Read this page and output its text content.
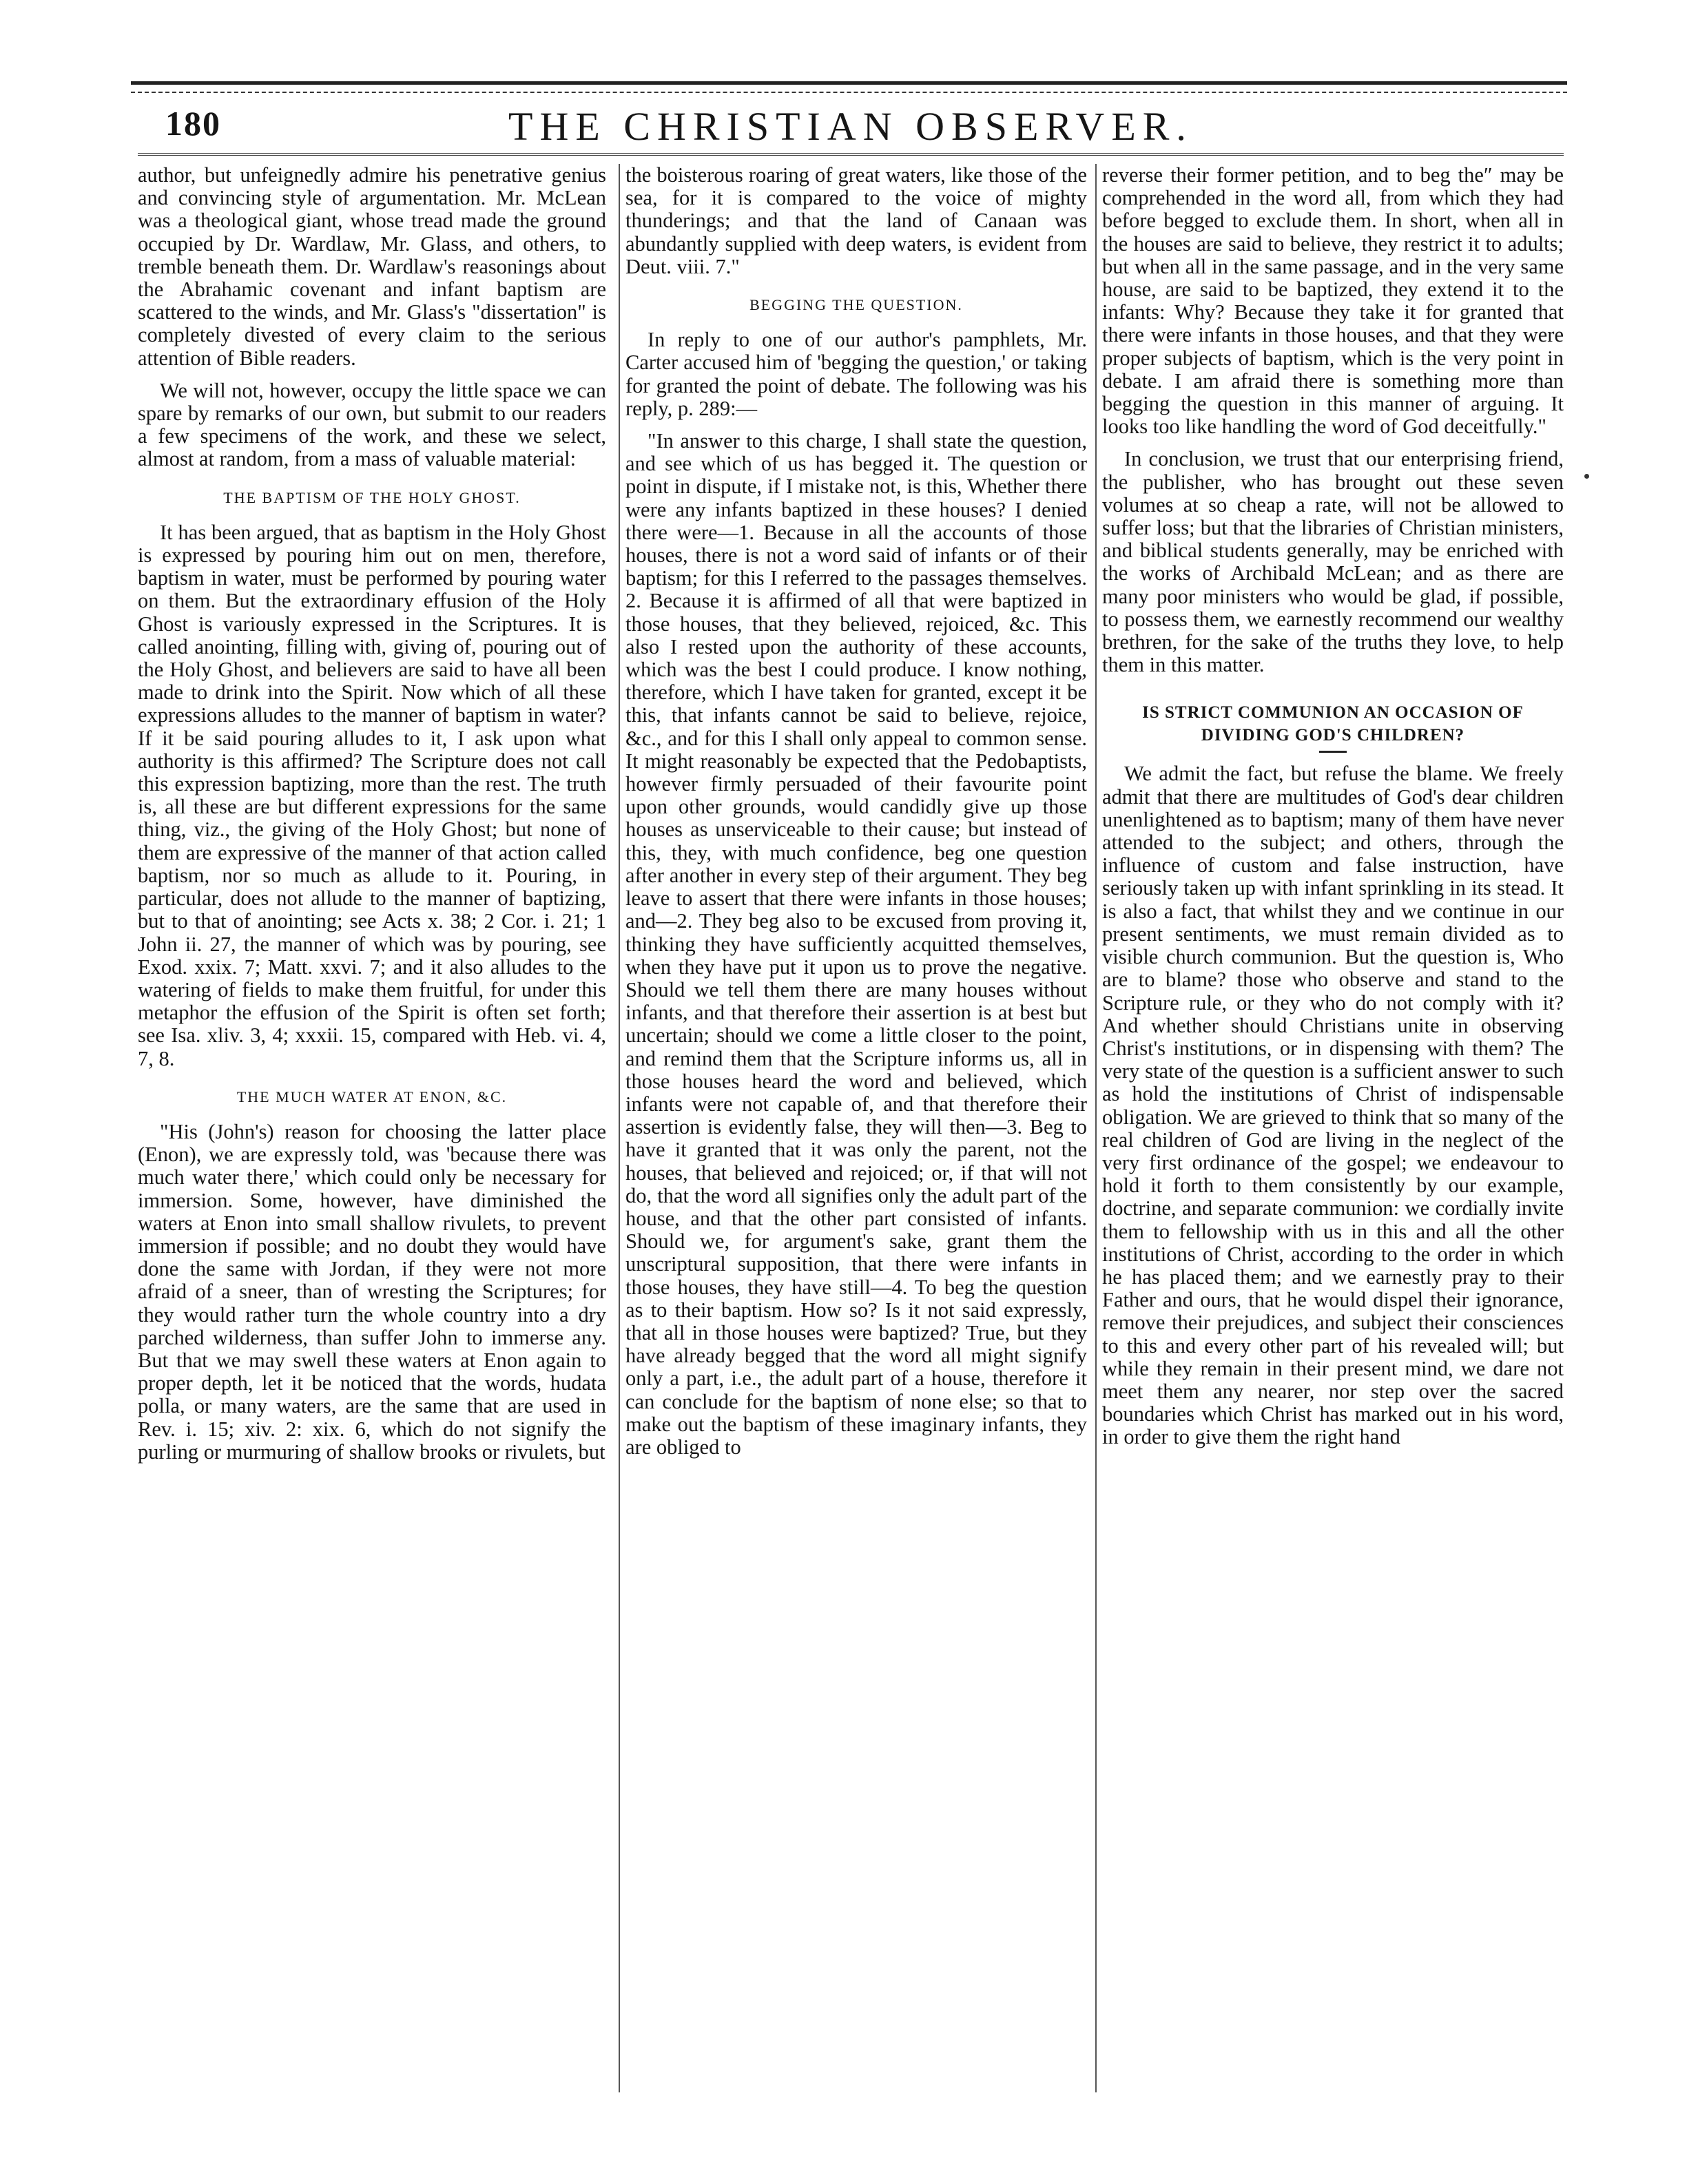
180	THE CHRISTIAN OBSERVER.

author, but unfeignedly admire his penetrative genius and convincing style of argumentation. Mr. McLean was a theological giant, whose tread made the ground occupied by Dr. Wardlaw, Mr. Glass, and others, to tremble beneath them. Dr. Wardlaw's reasonings about the Abrahamic covenant and infant baptism are scattered to the winds, and Mr. Glass's "dissertation" is completely divested of every claim to the serious attention of Bible readers.

We will not, however, occupy the little space we can spare by remarks of our own, but submit to our readers a few specimens of the work, and these we select, almost at random, from a mass of valuable material:

THE BAPTISM OF THE HOLY GHOST.

It has been argued, that as baptism in the Holy Ghost is expressed by pouring him out on men, therefore, baptism in water, must be performed by pouring water on them. But the extraordinary effusion of the Holy Ghost is variously expressed in the Scriptures. It is called anointing, filling with, giving of, pouring out of the Holy Ghost, and believers are said to have all been made to drink into the Spirit. Now which of all these expressions alludes to the manner of baptism in water? If it be said pouring alludes to it, I ask upon what authority is this affirmed? The Scripture does not call this expression baptizing, more than the rest. The truth is, all these are but different expressions for the same thing, viz., the giving of the Holy Ghost; but none of them are expressive of the manner of that action called baptism, nor so much as allude to it. Pouring, in particular, does not allude to the manner of baptizing, but to that of anointing; see Acts x. 38; 2 Cor. i. 21; 1 John ii. 27, the manner of which was by pouring, see Exod. xxix. 7; Matt. xxvi. 7; and it also alludes to the watering of fields to make them fruitful, for under this metaphor the effusion of the Spirit is often set forth; see Isa. xliv. 3, 4; xxxii. 15, compared with Heb. vi. 4, 7, 8.

THE MUCH WATER AT ENON, &C.

"His (John's) reason for choosing the latter place (Enon), we are expressly told, was 'because there was much water there,' which could only be necessary for immersion. Some, however, have diminished the waters at Enon into small shallow rivulets, to prevent immersion if possible; and no doubt they would have done the same with Jordan, if they were not more afraid of a sneer, than of wresting the Scriptures; for they would rather turn the whole country into a dry parched wilderness, than suffer John to immerse any. But that we may swell these waters at Enon again to proper depth, let it be noticed that the words, hudata polla, or many waters, are the same that are used in Rev. i. 15; xiv. 2: xix. 6, which do not signify the purling or murmuring of shallow brooks or rivulets, but

the boisterous roaring of great waters, like those of the sea, for it is compared to the voice of mighty thunderings; and that the land of Canaan was abundantly supplied with deep waters, is evident from Deut. viii. 7."

BEGGING THE QUESTION.

In reply to one of our author's pamphlets, Mr. Carter accused him of 'begging the question,' or taking for granted the point of debate. The following was his reply, p. 289:—

"In answer to this charge, I shall state the question, and see which of us has begged it. The question or point in dispute, if I mistake not, is this, Whether there were any infants baptized in these houses? I denied there were—1. Because in all the accounts of those houses, there is not a word said of infants or of their baptism; for this I referred to the passages themselves. 2. Because it is affirmed of all that were baptized in those houses, that they believed, rejoiced, &c. This also I rested upon the authority of these accounts, which was the best I could produce. I know nothing, therefore, which I have taken for granted, except it be this, that infants cannot be said to believe, rejoice, &c., and for this I shall only appeal to common sense. It might reasonably be expected that the Pedobaptists, however firmly persuaded of their favourite point upon other grounds, would candidly give up those houses as unserviceable to their cause; but instead of this, they, with much confidence, beg one question after another in every step of their argument. They beg leave to assert that there were infants in those houses; and—2. They beg also to be excused from proving it, thinking they have sufficiently acquitted themselves, when they have put it upon us to prove the negative. Should we tell them there are many houses without infants, and that therefore their assertion is at best but uncertain; should we come a little closer to the point, and remind them that the Scripture informs us, all in those houses heard the word and believed, which infants were not capable of, and that therefore their assertion is evidently false, they will then—3. Beg to have it granted that it was only the parent, not the houses, that believed and rejoiced; or, if that will not do, that the word all signifies only the adult part of the house, and that the other part consisted of infants. Should we, for argument's sake, grant them the unscriptural supposition, that there were infants in those houses, they have still—4. To beg the question as to their baptism. How so? Is it not said expressly, that all in those houses were baptized? True, but they have already begged that the word all might signify only a part, i.e., the adult part of a house, therefore it can conclude for the baptism of none else; so that to make out the baptism of these imaginary infants, they are obliged to

reverse their former petition, and to beg the″ may be comprehended in the word all, from which they had before begged to exclude them. In short, when all in the houses are said to believe, they restrict it to adults; but when all in the same passage, and in the very same house, are said to be baptized, they extend it to the infants: Why? Because they take it for granted that there were infants in those houses, and that they were proper subjects of baptism, which is the very point in debate. I am afraid there is something more than begging the question in this manner of arguing. It looks too like handling the word of God deceitfully."

In conclusion, we trust that our enterprising friend, the publisher, who has brought out these seven volumes at so cheap a rate, will not be allowed to suffer loss; but that the libraries of Christian ministers, and biblical students generally, may be enriched with the works of Archibald McLean; and as there are many poor ministers who would be glad, if possible, to possess them, we earnestly recommend our wealthy brethren, for the sake of the truths they love, to help them in this matter.

IS STRICT COMMUNION AN OCCASION OF DIVIDING GOD'S CHILDREN?

We admit the fact, but refuse the blame. We freely admit that there are multitudes of God's dear children unenlightened as to baptism; many of them have never attended to the subject; and others, through the influence of custom and false instruction, have seriously taken up with infant sprinkling in its stead. It is also a fact, that whilst they and we continue in our present sentiments, we must remain divided as to visible church communion. But the question is, Who are to blame? those who observe and stand to the Scripture rule, or they who do not comply with it? And whether should Christians unite in observing Christ's institutions, or in dispensing with them? The very state of the question is a sufficient answer to such as hold the institutions of Christ of indispensable obligation. We are grieved to think that so many of the real children of God are living in the neglect of the very first ordinance of the gospel; we endeavour to hold it forth to them consistently by our example, doctrine, and separate communion: we cordially invite them to fellowship with us in this and all the other institutions of Christ, according to the order in which he has placed them; and we earnestly pray to their Father and ours, that he would dispel their ignorance, remove their prejudices, and subject their consciences to this and every other part of his revealed will; but while they remain in their present mind, we dare not meet them any nearer, nor step over the sacred boundaries which Christ has marked out in his word, in order to give them the right hand
